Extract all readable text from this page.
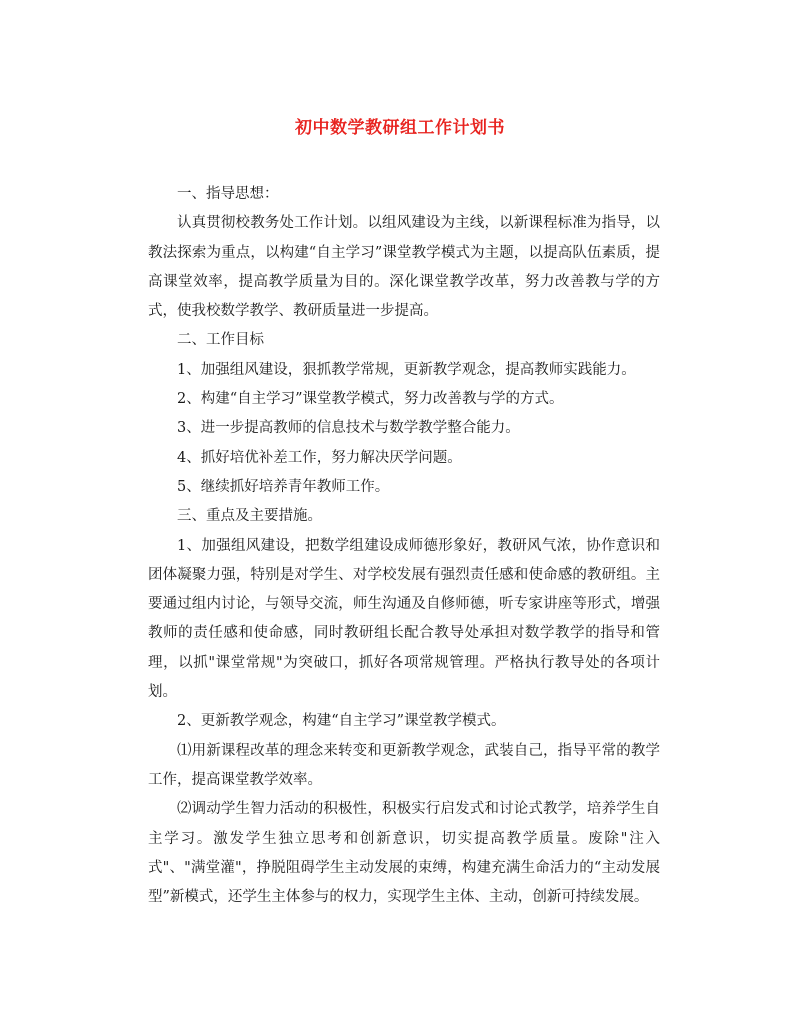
初中数学教研组工作计划书

一、指导思想：

认真贯彻校教务处工作计划。以组风建设为主线，以新课程标准为指导，以教法探索为重点，以构建“自主学习”课堂教学模式为主题，以提高队伍素质，提高课堂效率，提高教学质量为目的。深化课堂教学改革，努力改善教与学的方式，使我校数学教学、教研质量进一步提高。

二、工作目标

1、加强组风建设，狠抓教学常规，更新教学观念，提高教师实践能力。

2、构建“自主学习”课堂教学模式，努力改善教与学的方式。

3、进一步提高教师的信息技术与数学教学整合能力。

4、抓好培优补差工作，努力解决厌学问题。

5、继续抓好培养青年教师工作。

三、重点及主要措施。

1、加强组风建设，把数学组建设成师德形象好，教研风气浓，协作意识和团体凝聚力强，特别是对学生、对学校发展有强烈责任感和使命感的教研组。主要通过组内讨论，与领导交流，师生沟通及自修师德，听专家讲座等形式，增强教师的责任感和使命感，同时教研组长配合教导处承担对数学教学的指导和管理，以抓"课堂常规"为突破口，抓好各项常规管理。严格执行教导处的各项计划。

2、更新教学观念，构建“自主学习”课堂教学模式。

⑴用新课程改革的理念来转变和更新教学观念，武装自己，指导平常的教学工作，提高课堂教学效率。

⑵调动学生智力活动的积极性，积极实行启发式和讨论式教学，培养学生自主学习。激发学生独立思考和创新意识，切实提高教学质量。废除"注入式"、"满堂灌"，挣脱阻碍学生主动发展的束缚，构建充满生命活力的“主动发展型”新模式，还学生主体参与的权力，实现学生主体、主动，创新可持续发展。
